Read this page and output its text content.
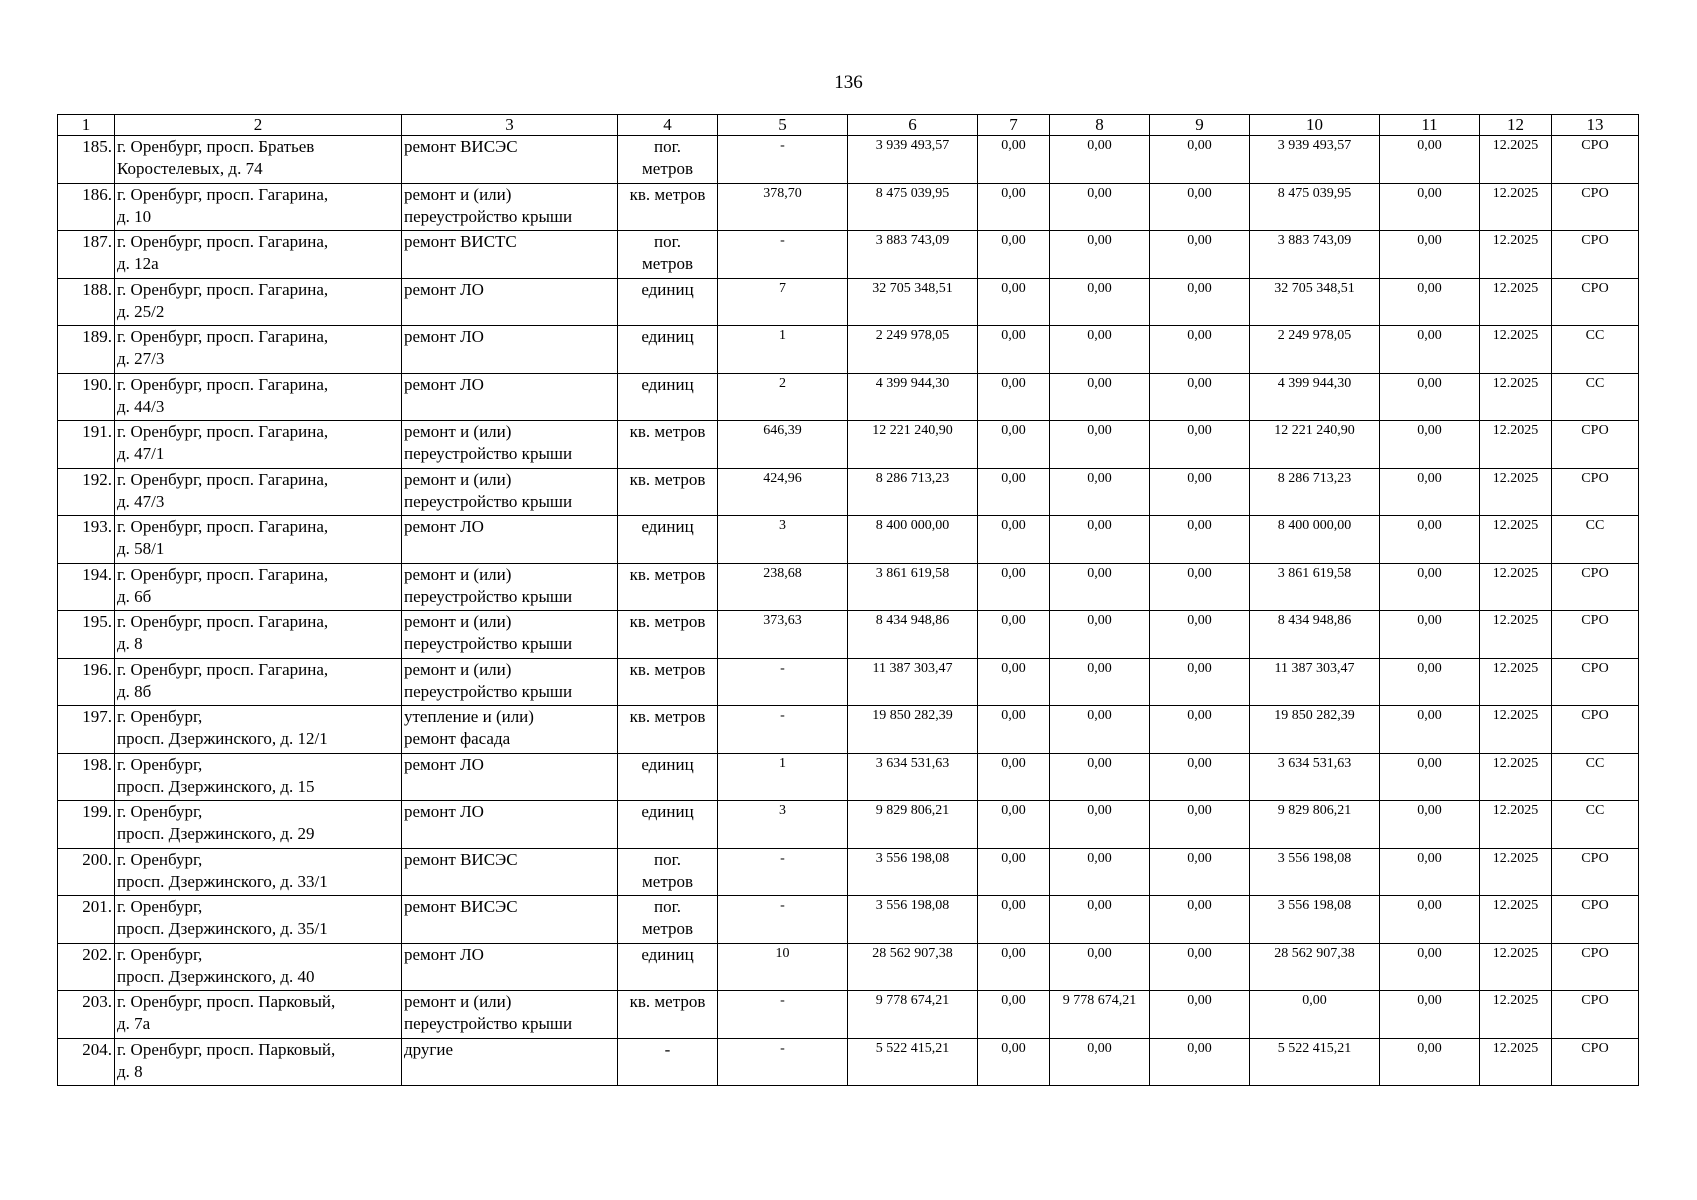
136
1	2	3	4	5	6	7	8	9	10	11	12	13
185.	г. Оренбург, просп. Братьев
Коростелевых, д. 74	ремонт ВИСЭС	пог.
метров	-	3 939 493,57	0,00	0,00	0,00	3 939 493,57	0,00	12.2025	СРО
186.	г. Оренбург, просп. Гагарина,
д. 10	ремонт и (или)
переустройство крыши	кв. метров	378,70	8 475 039,95	0,00	0,00	0,00	8 475 039,95	0,00	12.2025	СРО
187.	г. Оренбург, просп. Гагарина,
д. 12а	ремонт ВИСТС	пог.
метров	-	3 883 743,09	0,00	0,00	0,00	3 883 743,09	0,00	12.2025	СРО
188.	г. Оренбург, просп. Гагарина,
д. 25/2	ремонт ЛО	единиц	7	32 705 348,51	0,00	0,00	0,00	32 705 348,51	0,00	12.2025	СРО
189.	г. Оренбург, просп. Гагарина,
д. 27/3	ремонт ЛО	единиц	1	2 249 978,05	0,00	0,00	0,00	2 249 978,05	0,00	12.2025	СС
190.	г. Оренбург, просп. Гагарина,
д. 44/3	ремонт ЛО	единиц	2	4 399 944,30	0,00	0,00	0,00	4 399 944,30	0,00	12.2025	СС
191.	г. Оренбург, просп. Гагарина,
д. 47/1	ремонт и (или)
переустройство крыши	кв. метров	646,39	12 221 240,90	0,00	0,00	0,00	12 221 240,90	0,00	12.2025	СРО
192.	г. Оренбург, просп. Гагарина,
д. 47/3	ремонт и (или)
переустройство крыши	кв. метров	424,96	8 286 713,23	0,00	0,00	0,00	8 286 713,23	0,00	12.2025	СРО
193.	г. Оренбург, просп. Гагарина,
д. 58/1	ремонт ЛО	единиц	3	8 400 000,00	0,00	0,00	0,00	8 400 000,00	0,00	12.2025	СС
194.	г. Оренбург, просп. Гагарина,
д. 6б	ремонт и (или)
переустройство крыши	кв. метров	238,68	3 861 619,58	0,00	0,00	0,00	3 861 619,58	0,00	12.2025	СРО
195.	г. Оренбург, просп. Гагарина,
д. 8	ремонт и (или)
переустройство крыши	кв. метров	373,63	8 434 948,86	0,00	0,00	0,00	8 434 948,86	0,00	12.2025	СРО
196.	г. Оренбург, просп. Гагарина,
д. 8б	ремонт и (или)
переустройство крыши	кв. метров	-	11 387 303,47	0,00	0,00	0,00	11 387 303,47	0,00	12.2025	СРО
197.	г. Оренбург,
просп. Дзержинского, д. 12/1	утепление и (или)
ремонт фасада	кв. метров	-	19 850 282,39	0,00	0,00	0,00	19 850 282,39	0,00	12.2025	СРО
198.	г. Оренбург,
просп. Дзержинского, д. 15	ремонт ЛО	единиц	1	3 634 531,63	0,00	0,00	0,00	3 634 531,63	0,00	12.2025	СС
199.	г. Оренбург,
просп. Дзержинского, д. 29	ремонт ЛО	единиц	3	9 829 806,21	0,00	0,00	0,00	9 829 806,21	0,00	12.2025	СС
200.	г. Оренбург,
просп. Дзержинского, д. 33/1	ремонт ВИСЭС	пог.
метров	-	3 556 198,08	0,00	0,00	0,00	3 556 198,08	0,00	12.2025	СРО
201.	г. Оренбург,
просп. Дзержинского, д. 35/1	ремонт ВИСЭС	пог.
метров	-	3 556 198,08	0,00	0,00	0,00	3 556 198,08	0,00	12.2025	СРО
202.	г. Оренбург,
просп. Дзержинского, д. 40	ремонт ЛО	единиц	10	28 562 907,38	0,00	0,00	0,00	28 562 907,38	0,00	12.2025	СРО
203.	г. Оренбург, просп. Парковый,
д. 7а	ремонт и (или)
переустройство крыши	кв. метров	-	9 778 674,21	0,00	9 778 674,21	0,00	0,00	0,00	12.2025	СРО
204.	г. Оренбург, просп. Парковый,
д. 8	другие	-	-	5 522 415,21	0,00	0,00	0,00	5 522 415,21	0,00	12.2025	СРО
